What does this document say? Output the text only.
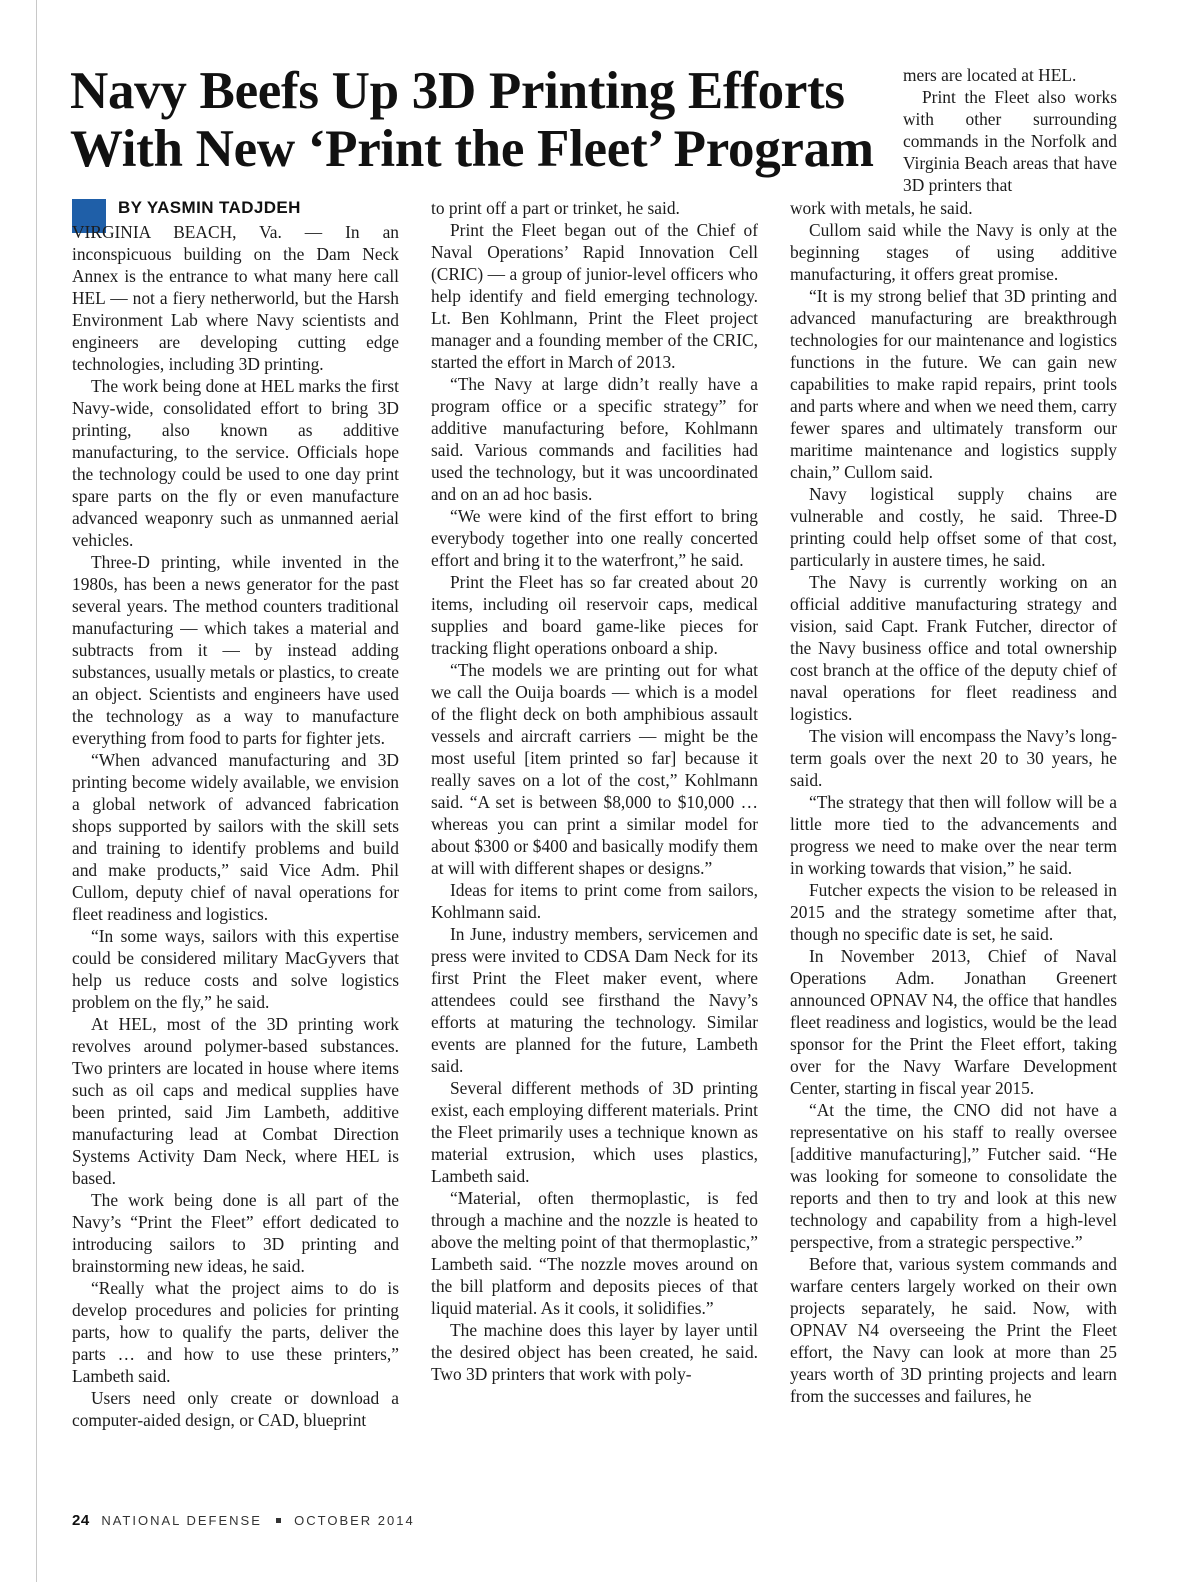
Navy Beefs Up 3D Printing Efforts
With New ‘Print the Fleet’ Program

mers are located at HEL.

Print the Fleet also works with other surrounding commands in the Norfolk and Virginia Beach areas that have 3D printers that

BY YASMIN TADJDEH

VIRGINIA BEACH, Va. — In an inconspicuous building on the Dam Neck Annex is the entrance to what many here call HEL — not a fiery netherworld, but the Harsh Environment Lab where Navy scientists and engineers are developing cutting edge technologies, including 3D printing.

The work being done at HEL marks the first Navy-wide, consolidated effort to bring 3D printing, also known as additive manufacturing, to the service. Officials hope the technology could be used to one day print spare parts on the fly or even manufacture advanced weaponry such as unmanned aerial vehicles.

Three-D printing, while invented in the 1980s, has been a news generator for the past several years. The method counters traditional manufacturing — which takes a material and subtracts from it — by instead adding substances, usually metals or plastics, to create an object. Scientists and engineers have used the technology as a way to manufacture everything from food to parts for fighter jets.

“When advanced manufacturing and 3D printing become widely available, we envision a global network of advanced fabrication shops supported by sailors with the skill sets and training to identify problems and build and make products,” said Vice Adm. Phil Cullom, deputy chief of naval operations for fleet readiness and logistics.

“In some ways, sailors with this expertise could be considered military MacGyvers that help us reduce costs and solve logistics problem on the fly,” he said.

At HEL, most of the 3D printing work revolves around polymer-based substances. Two printers are located in house where items such as oil caps and medical supplies have been printed, said Jim Lambeth, additive manufacturing lead at Combat Direction Systems Activity Dam Neck, where HEL is based.

The work being done is all part of the Navy’s “Print the Fleet” effort dedicated to introducing sailors to 3D printing and brainstorming new ideas, he said.

“Really what the project aims to do is develop procedures and policies for printing parts, how to qualify the parts, deliver the parts … and how to use these printers,” Lambeth said.

Users need only create or download a computer-aided design, or CAD, blueprint

to print off a part or trinket, he said.

Print the Fleet began out of the Chief of Naval Operations’ Rapid Innovation Cell (CRIC) — a group of junior-level officers who help identify and field emerging technology. Lt. Ben Kohlmann, Print the Fleet project manager and a founding member of the CRIC, started the effort in March of 2013.

“The Navy at large didn’t really have a program office or a specific strategy” for additive manufacturing before, Kohlmann said. Various commands and facilities had used the technology, but it was uncoordinated and on an ad hoc basis.

“We were kind of the first effort to bring everybody together into one really concerted effort and bring it to the waterfront,” he said.

Print the Fleet has so far created about 20 items, including oil reservoir caps, medical supplies and board game-like pieces for tracking flight operations onboard a ship.

“The models we are printing out for what we call the Ouija boards — which is a model of the flight deck on both amphibious assault vessels and aircraft carriers — might be the most useful [item printed so far] because it really saves on a lot of the cost,” Kohlmann said. “A set is between $8,000 to $10,000 … whereas you can print a similar model for about $300 or $400 and basically modify them at will with different shapes or designs.”

Ideas for items to print come from sailors, Kohlmann said.

In June, industry members, servicemen and press were invited to CDSA Dam Neck for its first Print the Fleet maker event, where attendees could see firsthand the Navy’s efforts at maturing the technology. Similar events are planned for the future, Lambeth said.

Several different methods of 3D printing exist, each employing different materials. Print the Fleet primarily uses a technique known as material extrusion, which uses plastics, Lambeth said.

“Material, often thermoplastic, is fed through a machine and the nozzle is heated to above the melting point of that thermoplastic,” Lambeth said. “The nozzle moves around on the bill platform and deposits pieces of that liquid material. As it cools, it solidifies.”

The machine does this layer by layer until the desired object has been created, he said. Two 3D printers that work with poly-

work with metals, he said.

Cullom said while the Navy is only at the beginning stages of using additive manufacturing, it offers great promise.

“It is my strong belief that 3D printing and advanced manufacturing are breakthrough technologies for our maintenance and logistics functions in the future. We can gain new capabilities to make rapid repairs, print tools and parts where and when we need them, carry fewer spares and ultimately transform our maritime maintenance and logistics supply chain,” Cullom said.

Navy logistical supply chains are vulnerable and costly, he said. Three-D printing could help offset some of that cost, particularly in austere times, he said.

The Navy is currently working on an official additive manufacturing strategy and vision, said Capt. Frank Futcher, director of the Navy business office and total ownership cost branch at the office of the deputy chief of naval operations for fleet readiness and logistics.

The vision will encompass the Navy’s long-term goals over the next 20 to 30 years, he said.

“The strategy that then will follow will be a little more tied to the advancements and progress we need to make over the near term in working towards that vision,” he said.

Futcher expects the vision to be released in 2015 and the strategy sometime after that, though no specific date is set, he said.

In November 2013, Chief of Naval Operations Adm. Jonathan Greenert announced OPNAV N4, the office that handles fleet readiness and logistics, would be the lead sponsor for the Print the Fleet effort, taking over for the Navy Warfare Development Center, starting in fiscal year 2015.

“At the time, the CNO did not have a representative on his staff to really oversee [additive manufacturing],” Futcher said. “He was looking for someone to consolidate the reports and then to try and look at this new technology and capability from a high-level perspective, from a strategic perspective.”

Before that, various system commands and warfare centers largely worked on their own projects separately, he said. Now, with OPNAV N4 overseeing the Print the Fleet effort, the Navy can look at more than 25 years worth of 3D printing projects and learn from the successes and failures, he

24 NATIONAL DEFENSE OCTOBER 2014
